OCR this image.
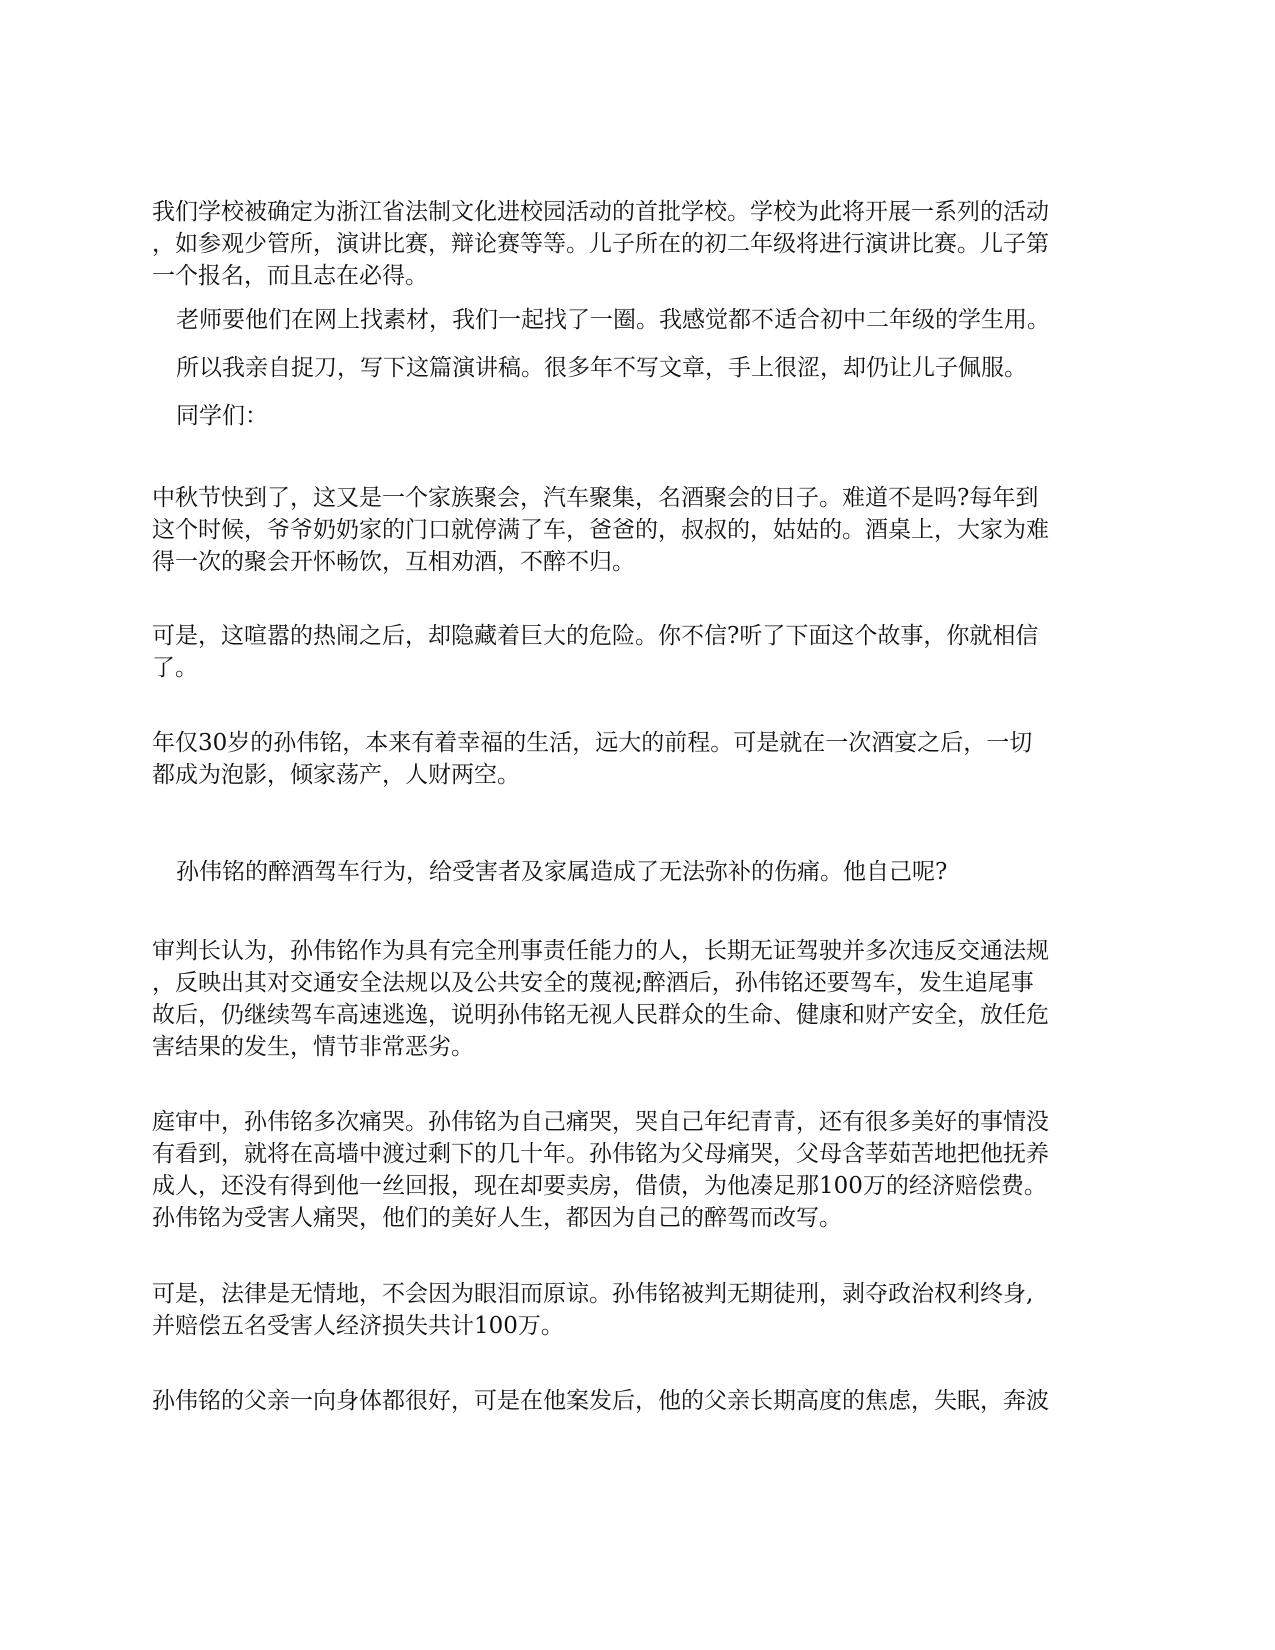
我们学校被确定为浙江省法制文化进校园活动的首批学校。学校为此将开展一系列的活动
，如参观少管所，演讲比赛，辩论赛等等。儿子所在的初二年级将进行演讲比赛。儿子第
一个报名，而且志在必得。
老师要他们在网上找素材，我们一起找了一圈。我感觉都不适合初中二年级的学生用。
所以我亲自捉刀，写下这篇演讲稿。很多年不写文章，手上很涩，却仍让儿子佩服。
同学们：
中秋节快到了，这又是一个家族聚会，汽车聚集，名酒聚会的日子。难道不是吗?每年到
这个时候，爷爷奶奶家的门口就停满了车，爸爸的，叔叔的，姑姑的。酒桌上，大家为难
得一次的聚会开怀畅饮，互相劝酒，不醉不归。
可是，这喧嚣的热闹之后，却隐藏着巨大的危险。你不信?听了下面这个故事，你就相信
了。
年仅30岁的孙伟铭，本来有着幸福的生活，远大的前程。可是就在一次酒宴之后，一切
都成为泡影，倾家荡产，人财两空。
孙伟铭的醉酒驾车行为，给受害者及家属造成了无法弥补的伤痛。他自己呢?
审判长认为，孙伟铭作为具有完全刑事责任能力的人，长期无证驾驶并多次违反交通法规
，反映出其对交通安全法规以及公共安全的蔑视;醉酒后，孙伟铭还要驾车，发生追尾事
故后，仍继续驾车高速逃逸，说明孙伟铭无视人民群众的生命、健康和财产安全，放任危
害结果的发生，情节非常恶劣。
庭审中，孙伟铭多次痛哭。孙伟铭为自己痛哭，哭自己年纪青青，还有很多美好的事情没
有看到，就将在高墙中渡过剩下的几十年。孙伟铭为父母痛哭，父母含莘茹苦地把他抚养
成人，还没有得到他一丝回报，现在却要卖房，借债，为他凑足那100万的经济赔偿费。
孙伟铭为受害人痛哭，他们的美好人生，都因为自己的醉驾而改写。
可是，法律是无情地，不会因为眼泪而原谅。孙伟铭被判无期徒刑，剥夺政治权利终身,
并赔偿五名受害人经济损失共计100万。
孙伟铭的父亲一向身体都很好，可是在他案发后，他的父亲长期高度的焦虑，失眠，奔波
